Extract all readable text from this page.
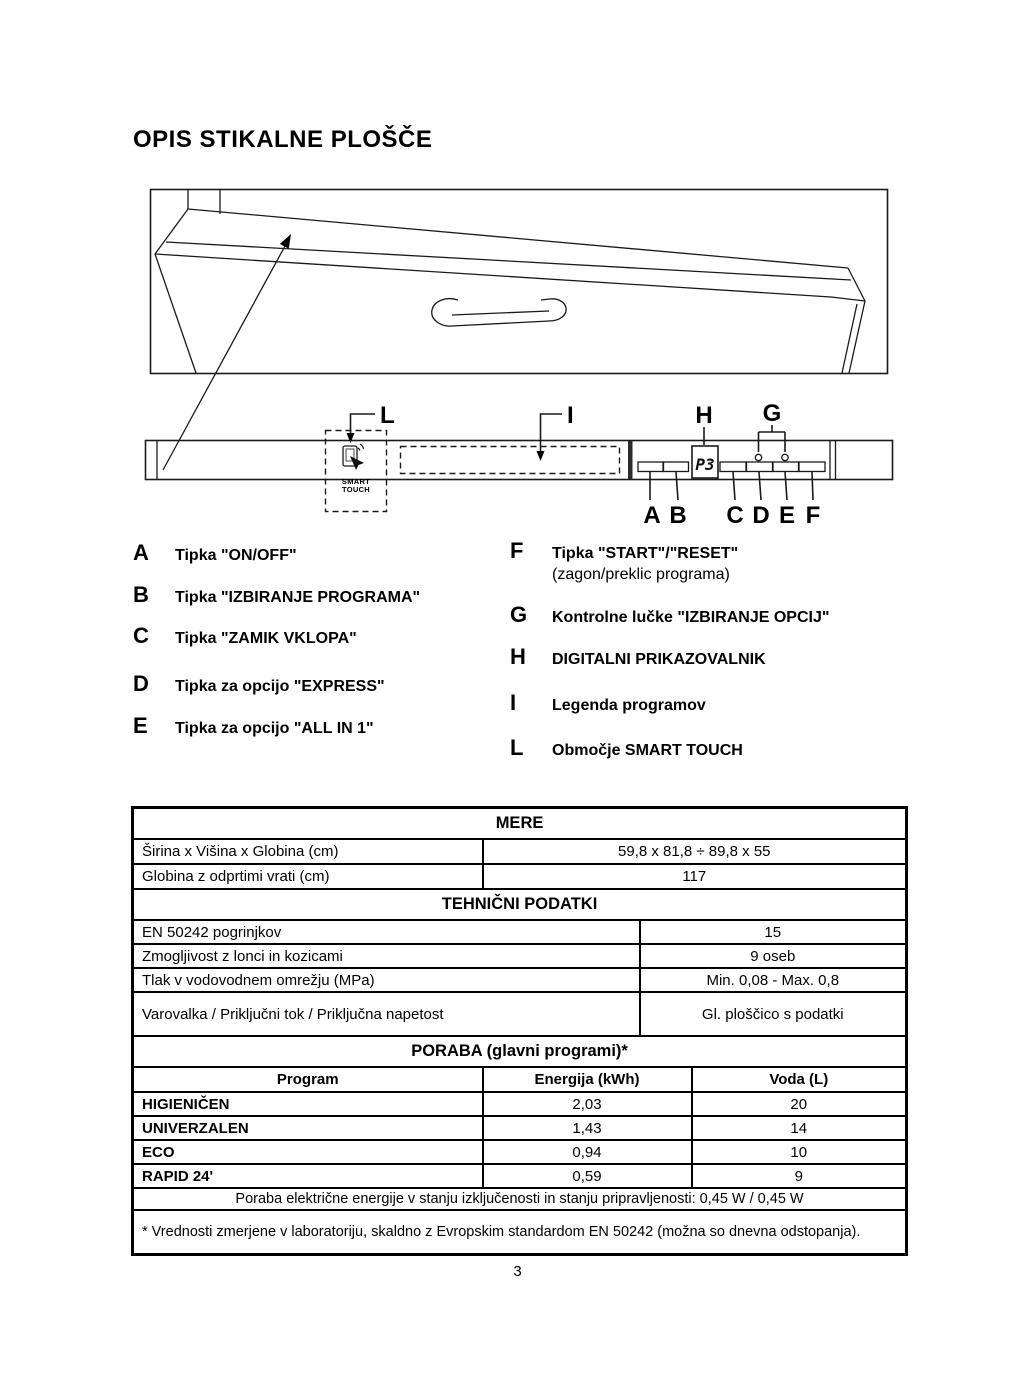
OPIS STIKALNE PLOŠČE
SMART
TOUCH
P3
L	I	H G
A B C D E F
A	Tipka "ON/OFF"
B	Tipka "IZBIRANJE PROGRAMA"
C	Tipka "ZAMIK VKLOPA"
D	Tipka za opcijo "EXPRESS"
E	Tipka za opcijo "ALL IN 1"
F	Tipka "START"/"RESET"
(zagon/preklic programa)
G	Kontrolne lučke "IZBIRANJE OPCIJ"
H	DIGITALNI PRIKAZOVALNIK
I	Legenda programov
L	Območje SMART TOUCH
MERE			
Širina x Višina x Globina (cm)	59,8 x 81,8 ÷ 89,8 x 55		
Globina z odprtimi vrati (cm)	117		
TEHNIČNI PODATKI			
EN 50242 pogrinjkov		15	
Zmogljivost z lonci in kozicami		9 oseb	
Tlak v vodovodnem omrežju (MPa)		Min. 0,08 - Max. 0,8	
Varovalka / Priključni tok / Priključna napetost		Gl. ploščico s podatki	
PORABA (glavni programi)*			
Program	Energija (kWh)		Voda (L)
HIGIENIČEN	2,03		20
UNIVERZALEN	1,43		14
ECO	0,94		10
RAPID 24'	0,59		9
Poraba električne energije v stanju izključenosti in stanju pripravljenosti: 0,45 W / 0,45 W			
* Vrednosti zmerjene v laboratoriju, skaldno z Evropskim standardom EN 50242 (možna so dnevna odstopanja).			
3
